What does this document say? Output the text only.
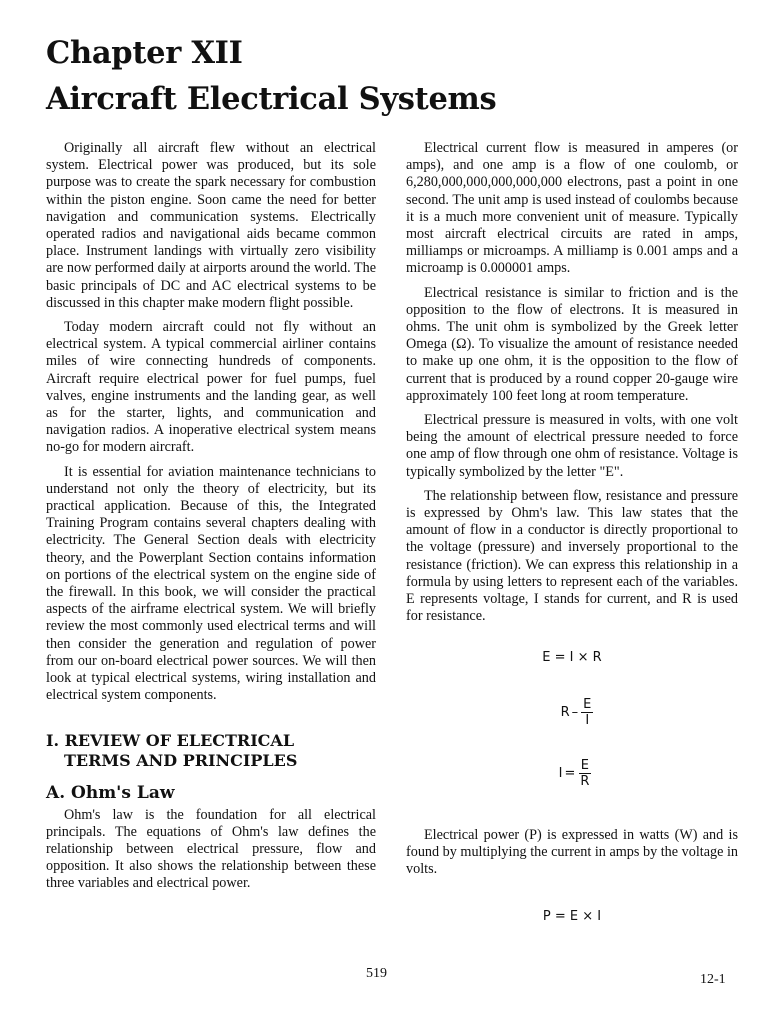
Chapter XII
Aircraft Electrical Systems

Originally all aircraft flew without an electrical system. Electrical power was produced, but its sole purpose was to create the spark necessary for combustion within the piston engine. Soon came the need for better navigation and communication systems. Electrically operated radios and navigational aids became common place. Instrument landings with virtually zero visibility are now performed daily at airports around the world. The basic principals of DC and AC electrical systems to be discussed in this chapter make modern flight possible.

Today modern aircraft could not fly without an electrical system. A typical commercial airliner contains miles of wire connecting hundreds of components. Aircraft require electrical power for fuel pumps, fuel valves, engine instruments and the landing gear, as well as for the starter, lights, and communication and navigation radios. A inoperative electrical system means no-go for modern aircraft.

It is essential for aviation maintenance technicians to understand not only the theory of electricity, but its practical application. Because of this, the Integrated Training Program contains several chapters dealing with electricity. The General Section deals with electricity theory, and the Powerplant Section contains information on portions of the electrical system on the engine side of the firewall. In this book, we will consider the practical aspects of the airframe electrical system. We will briefly review the most commonly used electrical terms and will then consider the generation and regulation of power from our on-board electrical power sources. We will then look at typical electrical systems, wiring installation and electrical system components.

I. REVIEW OF ELECTRICAL
TERMS AND PRINCIPLES
A. Ohm's Law

Ohm's law is the foundation for all electrical principals. The equations of Ohm's law defines the relationship between electrical pressure, flow and opposition. It also shows the relationship between these three variables and electrical power.

Electrical current flow is measured in amperes (or amps), and one amp is a flow of one coulomb, or 6,280,000,000,000,000,000 electrons, past a point in one second. The unit amp is used instead of coulombs because it is a much more convenient unit of measure. Typically most aircraft electrical circuits are rated in amps, milliamps or microamps. A milliamp is 0.001 amps and a microamp is 0.000001 amps.

Electrical resistance is similar to friction and is the opposition to the flow of electrons. It is measured in ohms. The unit ohm is symbolized by the Greek letter Omega (Ω). To visualize the amount of resistance needed to make up one ohm, it is the opposition to the flow of current that is produced by a round copper 20-gauge wire approximately 100 feet long at room temperature.

Electrical pressure is measured in volts, with one volt being the amount of electrical pressure needed to force one amp of flow through one ohm of resistance. Voltage is typically symbolized by the letter "E".

The relationship between flow, resistance and pressure is expressed by Ohm's law. This law states that the amount of flow in a conductor is directly proportional to the voltage (pressure) and inversely proportional to the resistance (friction). We can express this relationship in a formula by using letters to represent each of the variables. E represents voltage, I stands for current, and R is used for resistance.

E = I × R

R – $\frac{E}{I}$
$I = \frac{E}{R}$

Electrical power (P) is expressed in watts (W) and is found by multiplying the current in amps by the voltage in volts.

P = E × I

519	12-1
